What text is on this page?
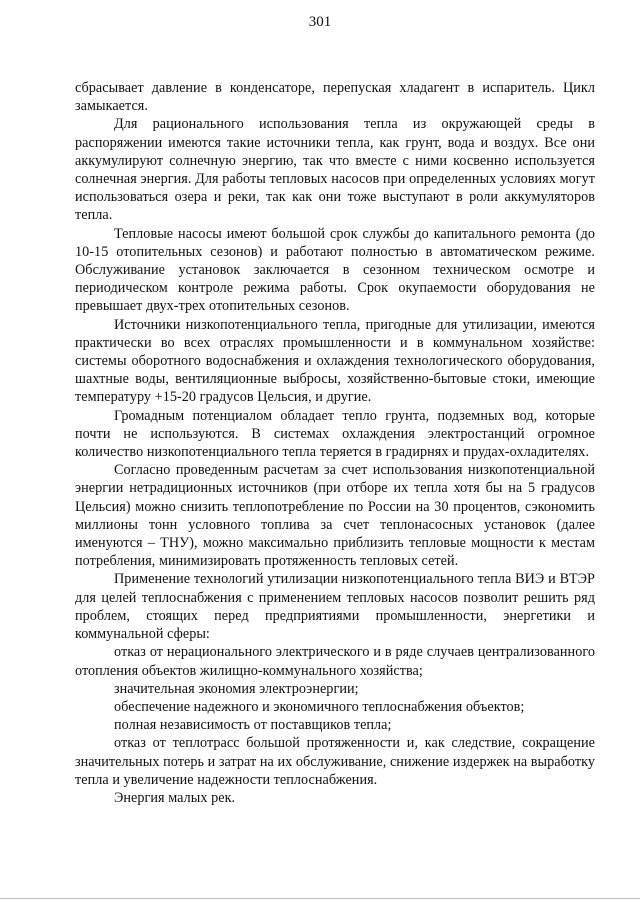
301

сбрасывает давление в конденсаторе, перепуская хладагент в испаритель. Цикл замыкается.

Для рационального использования тепла из окружающей среды в распоряжении имеются такие источники тепла, как грунт, вода и воздух. Все они аккумулируют солнечную энергию, так что вместе с ними косвенно используется солнечная энергия. Для работы тепловых насосов при определенных условиях могут использоваться озера и реки, так как они тоже выступают в роли аккумуляторов тепла.

Тепловые насосы имеют большой срок службы до капитального ремонта (до 10-15 отопительных сезонов) и работают полностью в автоматическом режиме. Обслуживание установок заключается в сезонном техническом осмотре и периодическом контроле режима работы. Срок окупаемости оборудования не превышает двух-трех отопительных сезонов.

Источники низкопотенциального тепла, пригодные для утилизации, имеются практически во всех отраслях промышленности и в коммунальном хозяйстве: системы оборотного водоснабжения и охлаждения технологического оборудования, шахтные воды, вентиляционные выбросы, хозяйственно-бытовые стоки, имеющие температуру +15-20 градусов Цельсия, и другие.

Громадным потенциалом обладает тепло грунта, подземных вод, которые почти не используются. В системах охлаждения электростанций огромное количество низкопотенциального тепла теряется в градирнях и прудах-охладителях.

Согласно проведенным расчетам за счет использования низкопотенциальной энергии нетрадиционных источников (при отборе их тепла хотя бы на 5 градусов Цельсия) можно снизить теплопотребление по России на 30 процентов, сэкономить миллионы тонн условного топлива за счет теплонасосных установок (далее именуются – ТНУ), можно максимально приблизить тепловые мощности к местам потребления, минимизировать протяженность тепловых сетей.

Применение технологий утилизации низкопотенциального тепла ВИЭ и ВТЭР для целей теплоснабжения с применением тепловых насосов позволит решить ряд проблем, стоящих перед предприятиями промышленности, энергетики и коммунальной сферы:

отказ от нерационального электрического и в ряде случаев централизованного отопления объектов жилищно-коммунального хозяйства;

значительная экономия электроэнергии;

обеспечение надежного и экономичного теплоснабжения объектов;

полная независимость от поставщиков тепла;

отказ от теплотрасс большой протяженности и, как следствие, сокращение значительных потерь и затрат на их обслуживание, снижение издержек на выработку тепла и увеличение надежности теплоснабжения.

Энергия малых рек.
